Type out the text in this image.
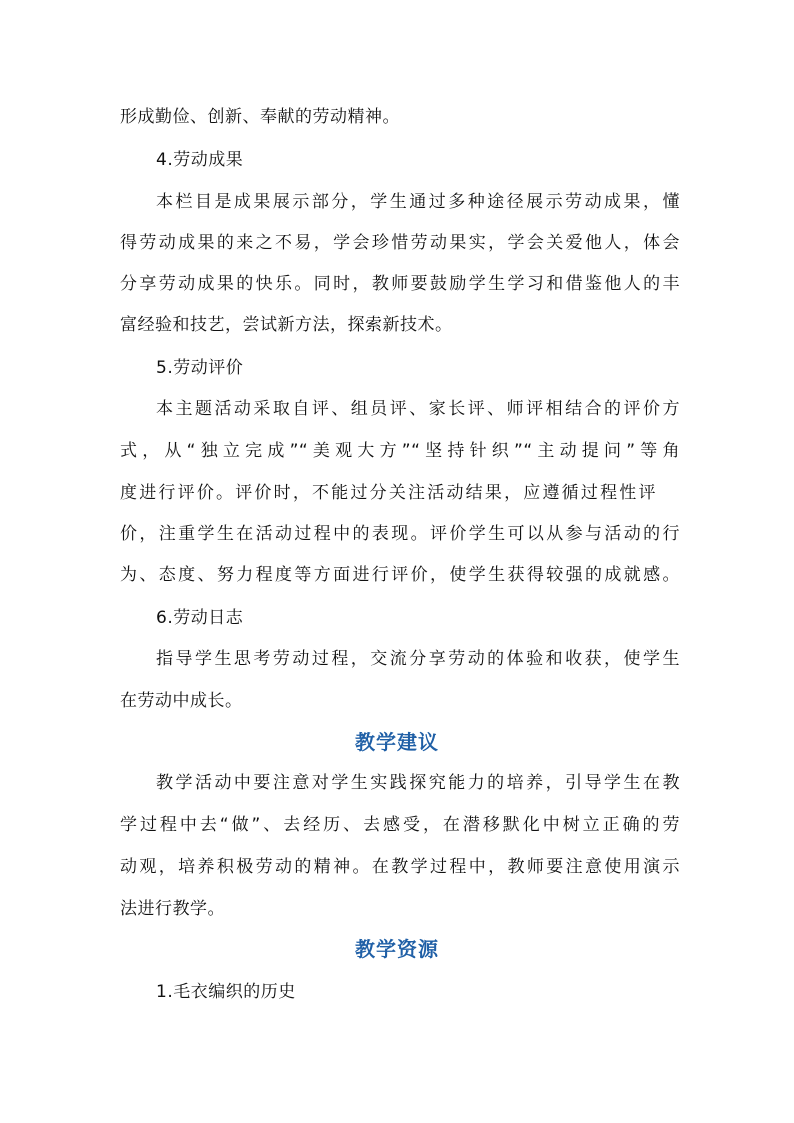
形成勤俭、创新、奉献的劳动精神。
4.劳动成果
本栏目是成果展示部分，学生通过多种途径展示劳动成果，懂
得劳动成果的来之不易，学会珍惜劳动果实，学会关爱他人，体会
分享劳动成果的快乐。同时，教师要鼓励学生学习和借鉴他人的丰
富经验和技艺，尝试新方法，探索新技术。
5.劳动评价
本主题活动采取自评、组员评、家长评、师评相结合的评价方
式，从“独立完成”“美观大方”“坚持针织”“主动提问”等角
度进行评价。评价时，不能过分关注活动结果，应遵循过程性评
价，注重学生在活动过程中的表现。评价学生可以从参与活动的行
为、态度、努力程度等方面进行评价，使学生获得较强的成就感。
6.劳动日志
指导学生思考劳动过程，交流分享劳动的体验和收获，使学生
在劳动中成长。
教学建议
教学活动中要注意对学生实践探究能力的培养，引导学生在教
学过程中去“做”、去经历、去感受，在潜移默化中树立正确的劳
动观，培养积极劳动的精神。在教学过程中，教师要注意使用演示
法进行教学。
教学资源
1.毛衣编织的历史
